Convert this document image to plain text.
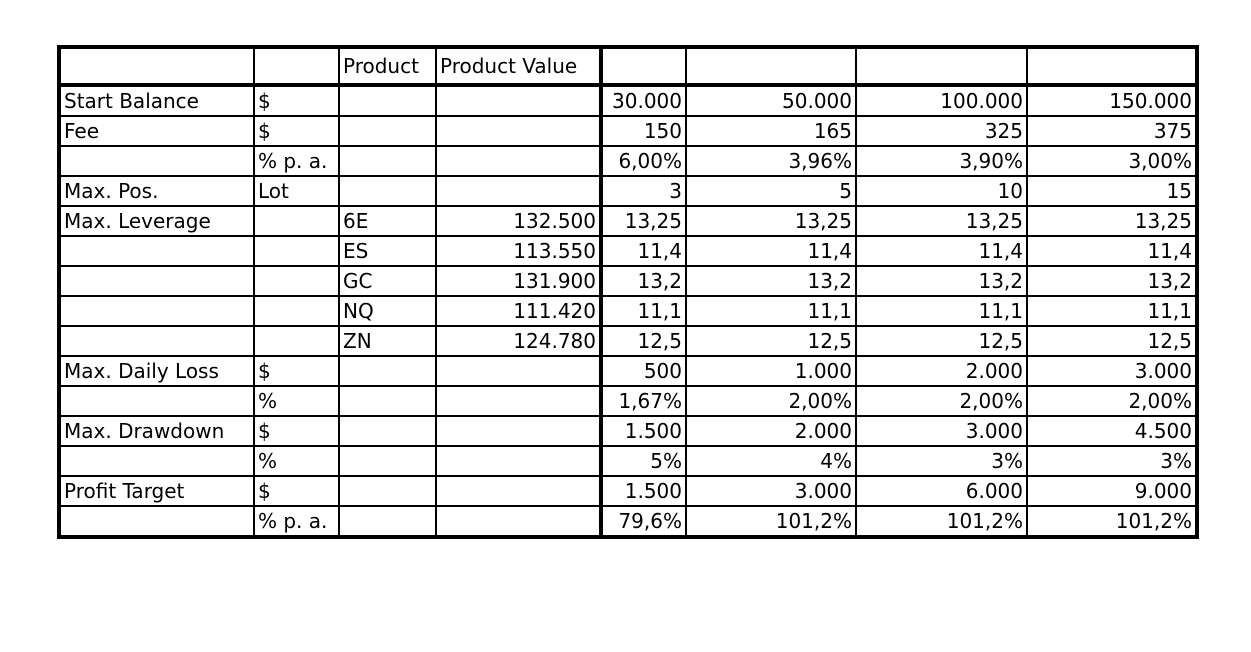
		Product	Product Value				
Start Balance	$			30.000	50.000	100.000	150.000
Fee	$			150	165	325	375
	% p. a.			6,00%	3,96%	3,90%	3,00%
Max. Pos.	Lot			3	5	10	15
Max. Leverage		6E	132.500	13,25	13,25	13,25	13,25
		ES	113.550	11,4	11,4	11,4	11,4
		GC	131.900	13,2	13,2	13,2	13,2
		NQ	111.420	11,1	11,1	11,1	11,1
		ZN	124.780	12,5	12,5	12,5	12,5
Max. Daily Loss	$			500	1.000	2.000	3.000
	%			1,67%	2,00%	2,00%	2,00%
Max. Drawdown	$			1.500	2.000	3.000	4.500
	%			5%	4%	3%	3%
Profit Target	$			1.500	3.000	6.000	9.000
	% p. a.			79,6%	101,2%	101,2%	101,2%
